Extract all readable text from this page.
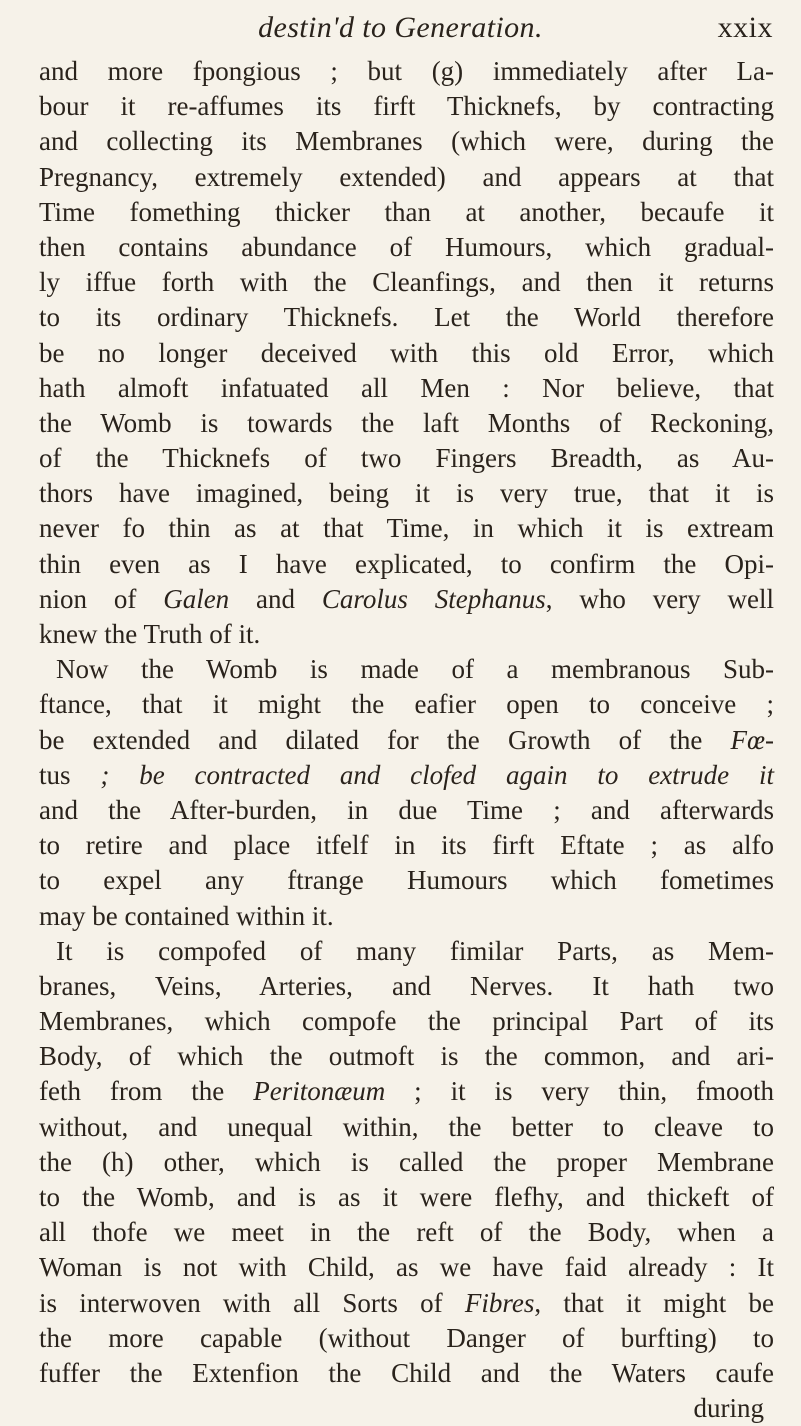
destin'd to Generation.	xxix
and more fpongious ; but (g) immediately after La-
bour it re-affumes its firft Thicknefs, by contracting
and collecting its Membranes (which were, during the
Pregnancy, extremely extended) and appears at that
Time fomething thicker than at another, becaufe it
then contains abundance of Humours, which gradual-
ly iffue forth with the Cleanfings, and then it returns
to its ordinary Thicknefs. Let the World therefore
be no longer deceived with this old Error, which
hath almoft infatuated all Men : Nor believe, that
the Womb is towards the laft Months of Reckoning,
of the Thicknefs of two Fingers Breadth, as Au-
thors have imagined, being it is very true, that it is
never fo thin as at that Time, in which it is extream
thin even as I have explicated, to confirm the Opi-
nion of Galen and Carolus Stephanus, who very well
knew the Truth of it.
Now the Womb is made of a membranous Sub-
ftance, that it might the eafier open to conceive ;
be extended and dilated for the Growth of the Fœ-
tus ; be contracted and clofed again to extrude it
and the After-burden, in due Time ; and afterwards
to retire and place itfelf in its firft Eftate ; as alfo
to expel any ftrange Humours which fometimes
may be contained within it.
It is compofed of many fimilar Parts, as Mem-
branes, Veins, Arteries, and Nerves. It hath two
Membranes, which compofe the principal Part of its
Body, of which the outmoft is the common, and ari-
feth from the Peritonæum ; it is very thin, fmooth
without, and unequal within, the better to cleave to
the (h) other, which is called the proper Membrane
to the Womb, and is as it were flefhy, and thickeft of
all thofe we meet in the reft of the Body, when a
Woman is not with Child, as we have faid already : It
is interwoven with all Sorts of Fibres, that it might be
the more capable (without Danger of burfting) to
fuffer the Extenfion the Child and the Waters caufe
during
